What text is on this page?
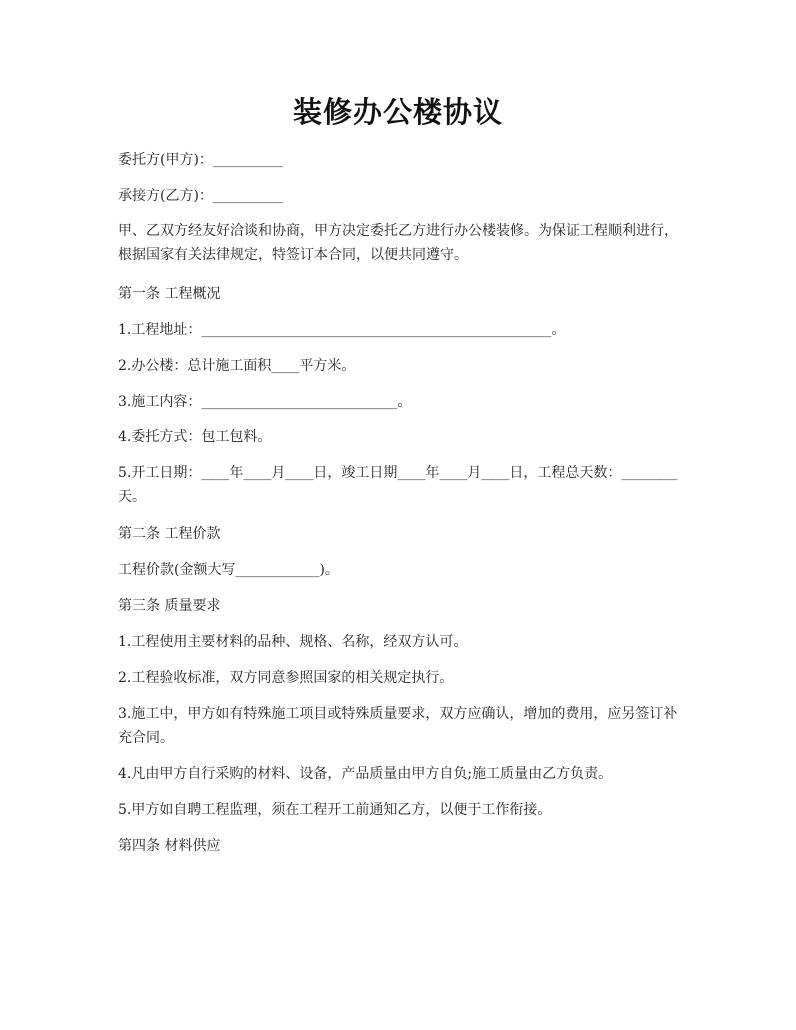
装修办公楼协议
委托方(甲方)：__________
承接方(乙方)：__________
甲、乙双方经友好洽谈和协商，甲方决定委托乙方进行办公楼装修。为保证工程顺利进行，根据国家有关法律规定，特签订本合同，以便共同遵守。
第一条 工程概况
1.工程地址：__________________________________________________。
2.办公楼：总计施工面积____平方米。
3.施工内容：____________________________。
4.委托方式：包工包料。
5.开工日期：____年____月____日，竣工日期____年____月____日，工程总天数：________天。
第二条 工程价款
工程价款(金额大写____________)。
第三条 质量要求
1.工程使用主要材料的品种、规格、名称，经双方认可。
2.工程验收标准，双方同意参照国家的相关规定执行。
3.施工中，甲方如有特殊施工项目或特殊质量要求，双方应确认，增加的费用，应另签订补充合同。
4.凡由甲方自行采购的材料、设备，产品质量由甲方自负;施工质量由乙方负责。
5.甲方如自聘工程监理，须在工程开工前通知乙方，以便于工作衔接。
第四条 材料供应
